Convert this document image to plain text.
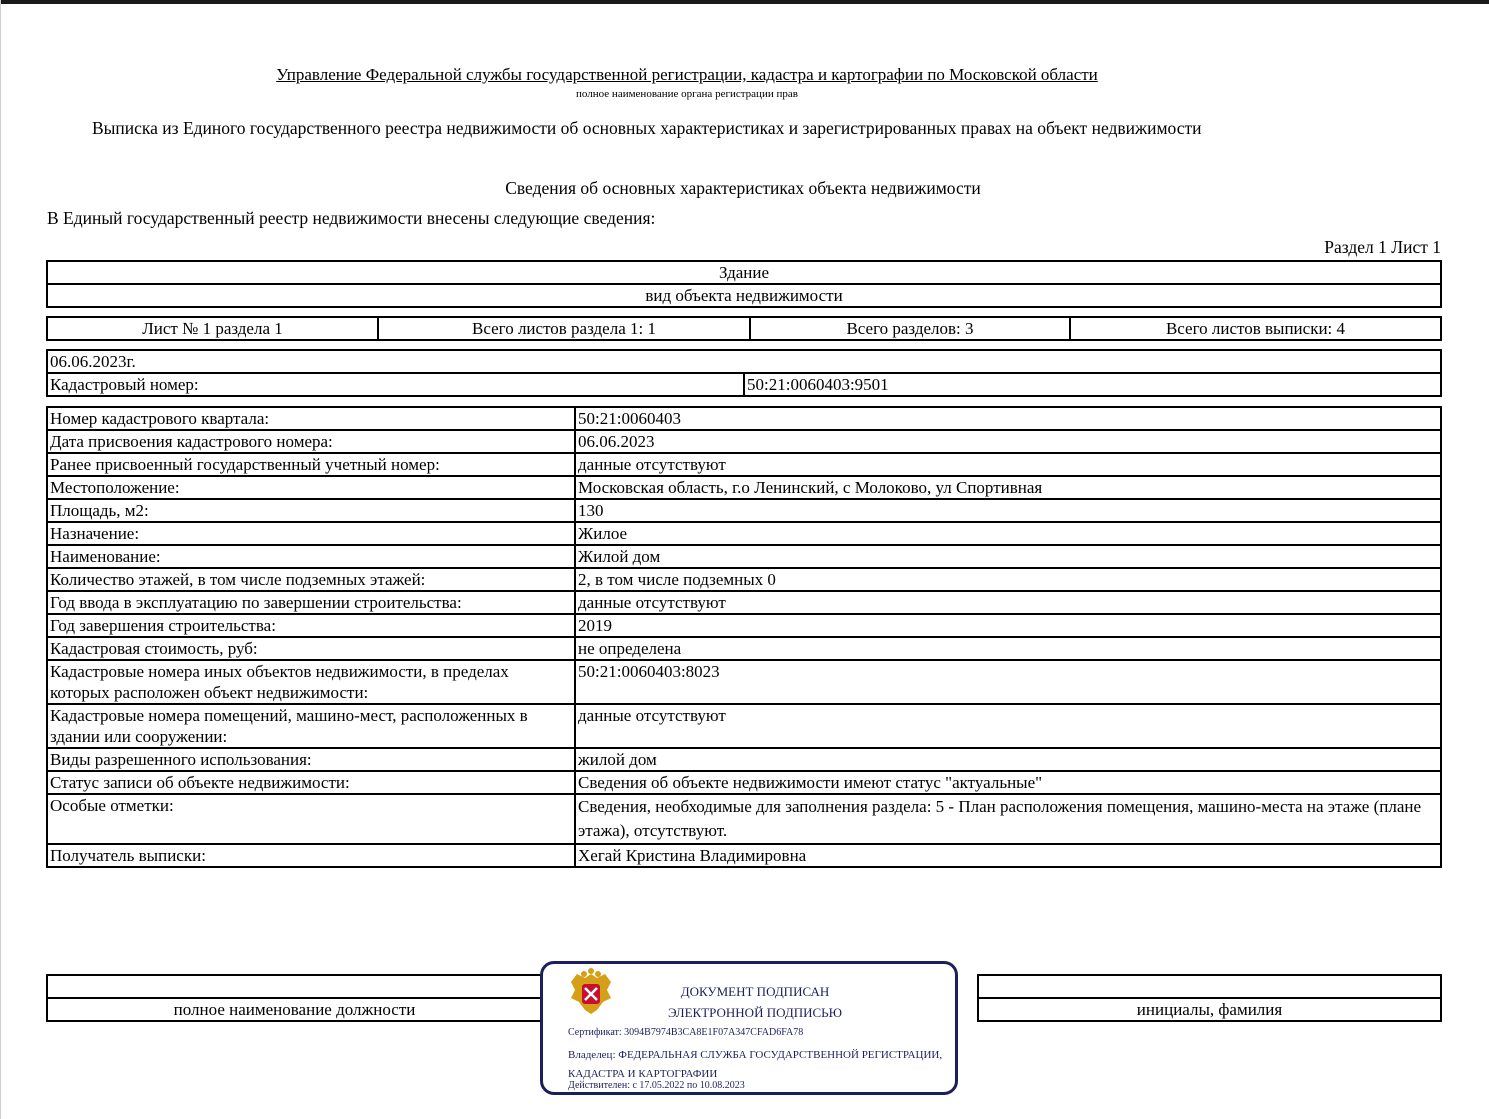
Управление Федеральной службы государственной регистрации, кадастра и картографии по Московской области
полное наименование органа регистрации прав
Выписка из Единого государственного реестра недвижимости об основных характеристиках и зарегистрированных правах на объект недвижимости
Сведения об основных характеристиках объекта недвижимости
В Единый государственный реестр недвижимости внесены следующие сведения:
Раздел 1 Лист 1
Здание
вид объекта недвижимости
Лист № 1 раздела 1	Всего листов раздела 1: 1	Всего разделов: 3	Всего листов выписки: 4
06.06.2023г.
Кадастровый номер:	50:21:0060403:9501
Номер кадастрового квартала:	50:21:0060403
Дата присвоения кадастрового номера:	06.06.2023
Ранее присвоенный государственный учетный номер:	данные отсутствуют
Местоположение:	Московская область, г.о Ленинский, с Молоково, ул Спортивная
Площадь, м2:	130
Назначение:	Жилое
Наименование:	Жилой дом
Количество этажей, в том числе подземных этажей:	2, в том числе подземных 0
Год ввода в эксплуатацию по завершении строительства:	данные отсутствуют
Год завершения строительства:	2019
Кадастровая стоимость, руб:	не определена
Кадастровые номера иных объектов недвижимости, в пределах которых расположен объект недвижимости:	50:21:0060403:8023
Кадастровые номера помещений, машино-мест, расположенных в здании или сооружении:	данные отсутствуют
Виды разрешенного использования:	жилой дом
Статус записи об объекте недвижимости:	Сведения об объекте недвижимости имеют статус "актуальные"
Особые отметки:	Сведения, необходимые для заполнения раздела: 5 - План расположения помещения, машино-места на этаже (плане этажа), отсутствуют.
Получатель выписки:	Хегай Кристина Владимировна

полное наименование должности		инициалы, фамилия
ДОКУМЕНТ ПОДПИСАН
ЭЛЕКТРОННОЙ ПОДПИСЬЮ
Сертификат: 3094B7974B3CA8E1F07A347CFAD6FA78
Владелец: ФЕДЕРАЛЬНАЯ СЛУЖБА ГОСУДАРСТВЕННОЙ РЕГИСТРАЦИИ, КАДАСТРА И КАРТОГРАФИИ
Действителен: с 17.05.2022 по 10.08.2023
